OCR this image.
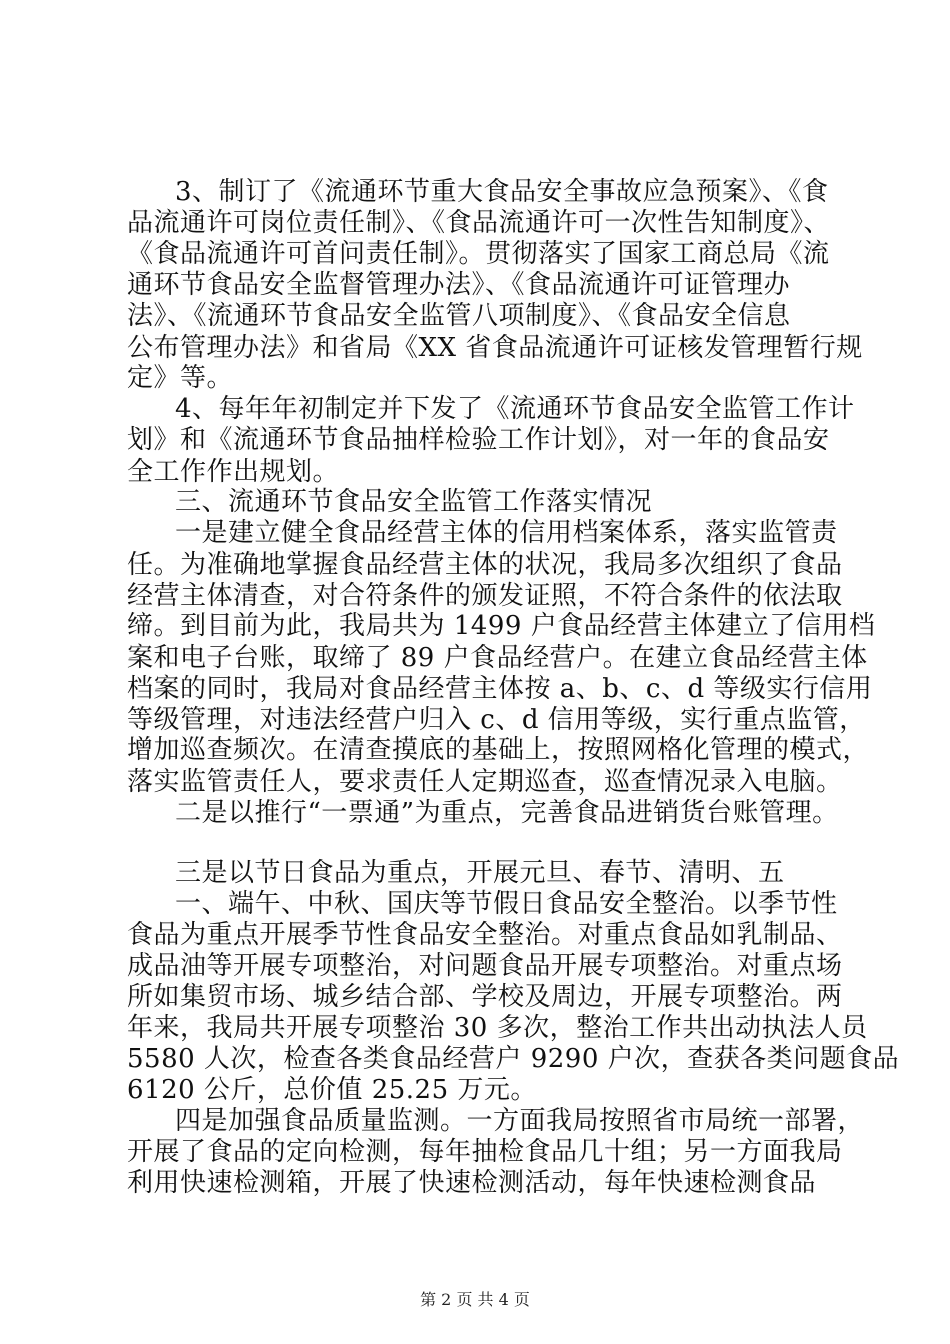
3、制订了《流通环节重大食品安全事故应急预案》、《食
品流通许可岗位责任制》、《食品流通许可一次性告知制度》、
《食品流通许可首问责任制》。贯彻落实了国家工商总局《流
通环节食品安全监督管理办法》、《食品流通许可证管理办
法》、《流通环节食品安全监管八项制度》、《食品安全信息
公布管理办法》和省局《XX 省食品流通许可证核发管理暂行规
定》等。
4、每年年初制定并下发了《流通环节食品安全监管工作计
划》和《流通环节食品抽样检验工作计划》，对一年的食品安
全工作作出规划。
三、流通环节食品安全监管工作落实情况
一是建立健全食品经营主体的信用档案体系，落实监管责
任。为准确地掌握食品经营主体的状况，我局多次组织了食品
经营主体清查，对合符条件的颁发证照，不符合条件的依法取
缔。到目前为此，我局共为 1499 户食品经营主体建立了信用档
案和电子台账，取缔了 89 户食品经营户。在建立食品经营主体
档案的同时，我局对食品经营主体按 a、b、c、d 等级实行信用
等级管理，对违法经营户归入 c、d 信用等级，实行重点监管，
增加巡查频次。在清查摸底的基础上，按照网格化管理的模式，
落实监管责任人，要求责任人定期巡查，巡查情况录入电脑。
二是以推行“一票通”为重点，完善食品进销货台账管理。
三是以节日食品为重点，开展元旦、春节、清明、五
一、端午、中秋、国庆等节假日食品安全整治。以季节性
食品为重点开展季节性食品安全整治。对重点食品如乳制品、
成品油等开展专项整治，对问题食品开展专项整治。对重点场
所如集贸市场、城乡结合部、学校及周边，开展专项整治。两
年来，我局共开展专项整治 30 多次，整治工作共出动执法人员
5580 人次，检查各类食品经营户 9290 户次，查获各类问题食品
6120 公斤，总价值 25.25 万元。
四是加强食品质量监测。一方面我局按照省市局统一部署，
开展了食品的定向检测，每年抽检食品几十组；另一方面我局
利用快速检测箱，开展了快速检测活动，每年快速检测食品
第 2 页 共 4 页
